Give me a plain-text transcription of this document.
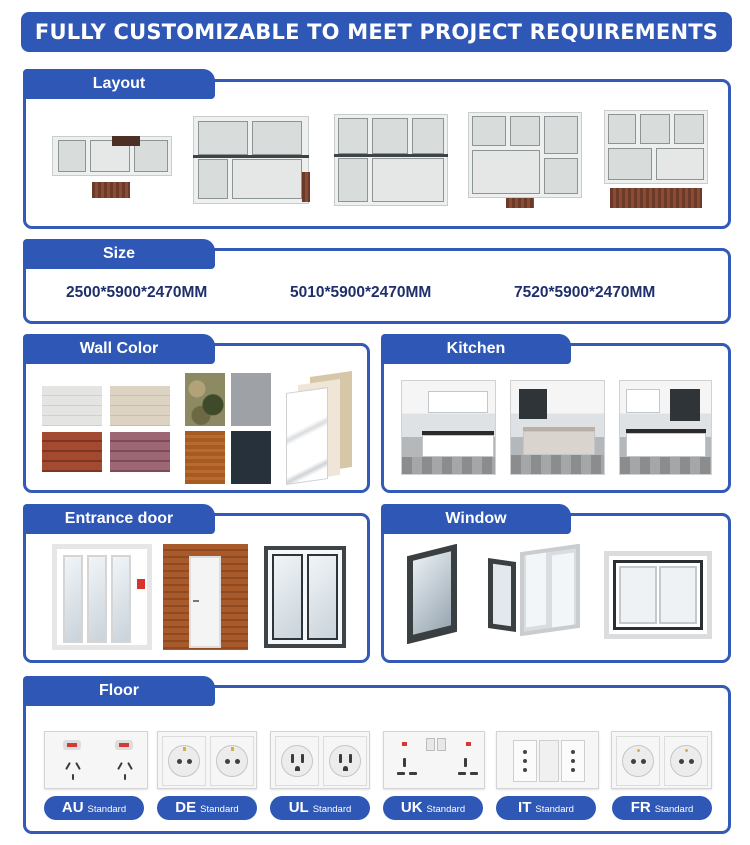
FULLY CUSTOMIZABLE TO MEET PROJECT REQUIREMENTS
Layout
Size
2500*5900*2470MM	5010*5900*2470MM	7520*5900*2470MM
Wall Color	Kitchen
Entrance door	Window
Floor
AU Standard	DE Standard	UL Standard	UK Standard	IT Standard	FR Standard
